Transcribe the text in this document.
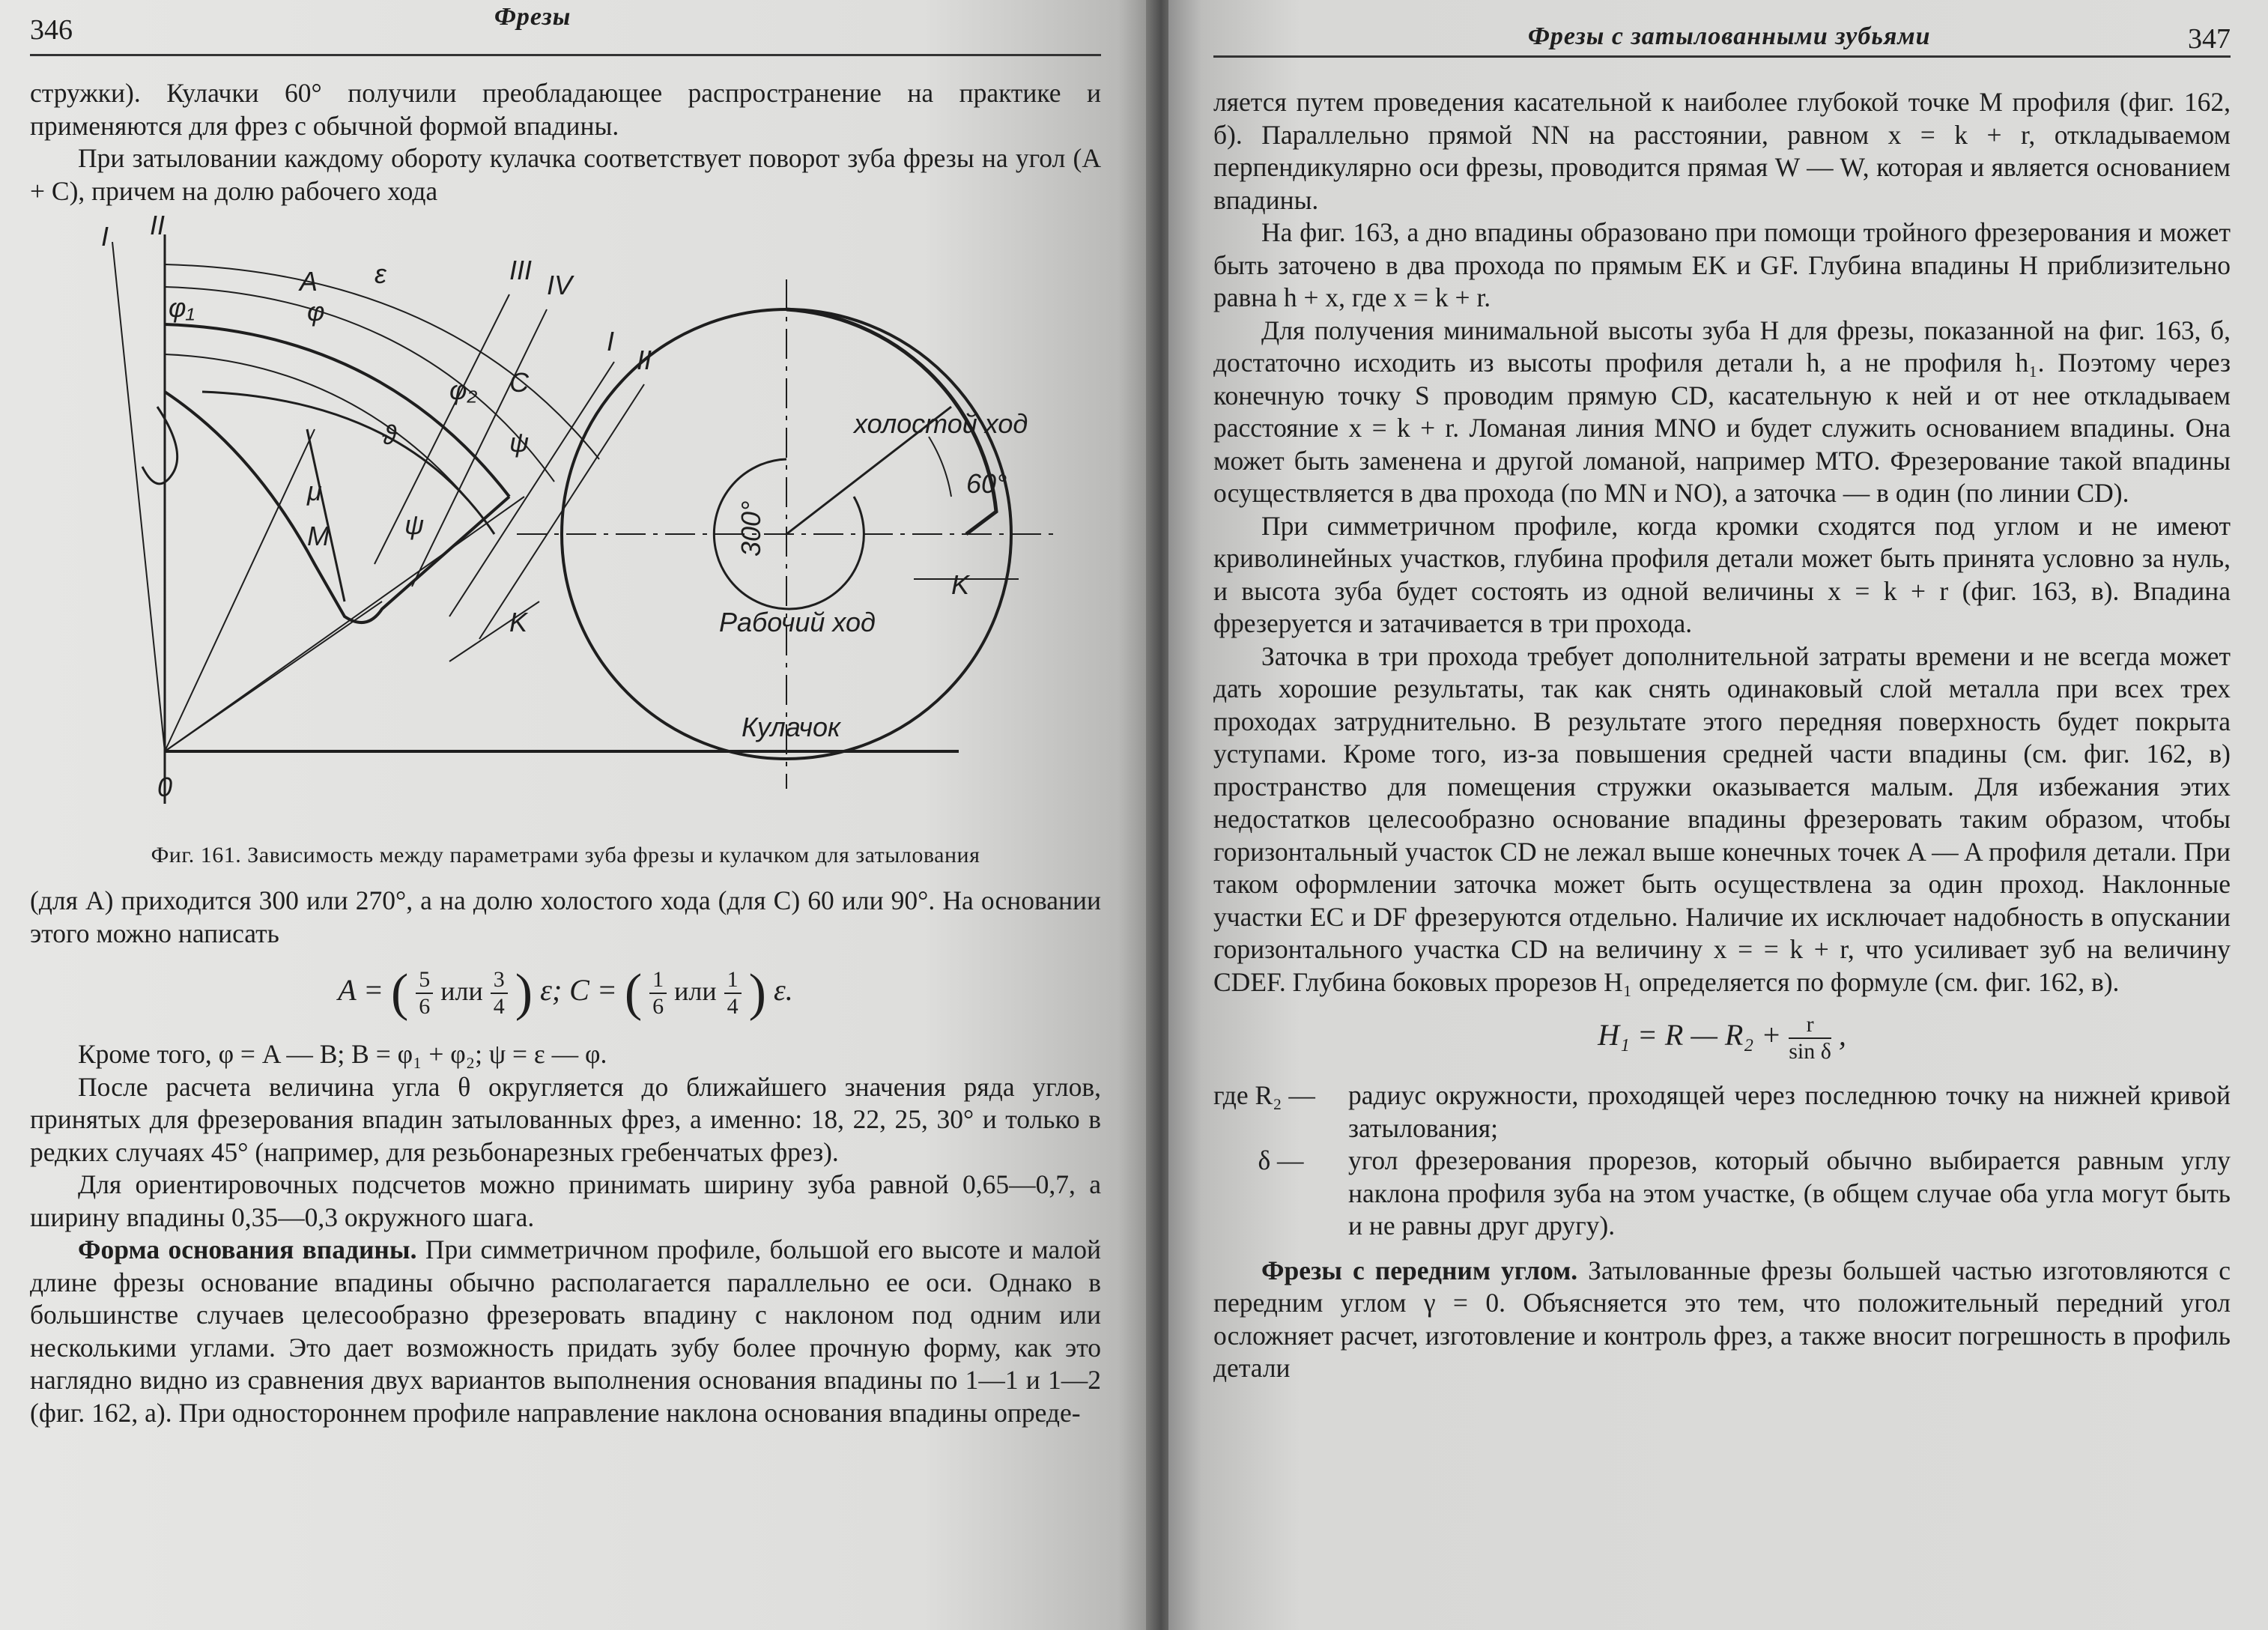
346	Фрезы

стружки). Кулачки 60° получили преобладающее распространение на практике и применяются для фрез с обычной формой впадины.

При затыловании каждому обороту кулачка соответствует поворот зуба фрезы на угол (A + C), причем на долю рабочего хода

I II
III IV
I
II
ε
A
φ
φ₁
φ₂ C
ψ
ϑ
ψ
μ
M
K
0
холостой ход
60°
300°
Рабочий ход
K
Кулачок
Фиг. 161. Зависимость между параметрами зуба фрезы и кулачком для затылования

(для A) приходится 300 или 270°, а на долю холостого хода (для C) 60 или 90°. На основании этого можно написать

A = ( $\frac{5}{6}$ или $\frac{3}{4}$ ) ε; C = ( $\frac{1}{6}$ или $\frac{1}{4}$ ) ε.

Кроме того, φ = A — B; B = φ₁ + φ₂; ψ = ε — φ.

После расчета величина угла θ округляется до ближайшего значения ряда углов, принятых для фрезерования впадин затылованных фрез, а именно: 18, 22, 25, 30° и только в редких случаях 45° (например, для резьбонарезных гребенчатых фрез).

Для ориентировочных подсчетов можно принимать ширину зуба равной 0,65—0,7, а ширину впадины 0,35—0,3 окружного шага.

Форма основания впадины. При симметричном профиле, большой его высоте и малой длине фрезы основание впадины обычно располагается параллельно ее оси. Однако в большинстве случаев целесообразно фрезеровать впадину с наклоном под одним или несколькими углами. Это дает возможность придать зубу более прочную форму, как это наглядно видно из сравнения двух вариантов выполнения основания впадины по 1—1 и 1—2 (фиг. 162, а). При одностороннем профиле направление наклона основания впадины опреде-

Фрезы с затылованными зубьями	347

ляется путем проведения касательной к наиболее глубокой точке M профиля (фиг. 162, б). Параллельно прямой NN на расстоянии, равном x = k + r, откладываемом перпендикулярно оси фрезы, проводится прямая W — W, которая и является основанием впадины.

На фиг. 163, а дно впадины образовано при помощи тройного фрезерования и может быть заточено в два прохода по прямым EK и GF. Глубина впадины H приблизительно равна h + x, где x = k + r.

Для получения минимальной высоты зуба H для фрезы, показанной на фиг. 163, б, достаточно исходить из высоты профиля детали h, а не профиля h₁. Поэтому через конечную точку S проводим прямую CD, касательную к ней и от нее откладываем расстояние x = k + r. Ломаная линия MNO и будет служить основанием впадины. Она может быть заменена и другой ломаной, например MTO. Фрезерование такой впадины осуществляется в два прохода (по MN и NO), а заточка — в один (по линии CD).

При симметричном профиле, когда кромки сходятся под углом и не имеют криволинейных участков, глубина профиля детали может быть принята условно за нуль, и высота зуба будет состоять из одной величины x = k + r (фиг. 163, в). Впадина фрезеруется и затачивается в три прохода.

Заточка в три прохода требует дополнительной затраты времени и не всегда может дать хорошие результаты, так как снять одинаковый слой металла при всех трех проходах затруднительно. В результате этого передняя поверхность будет покрыта уступами. Кроме того, из-за повышения средней части впадины (см. фиг. 162, в) пространство для помещения стружки оказывается малым. Для избежания этих недостатков целесообразно основание впадины фрезеровать таким образом, чтобы горизонтальный участок CD не лежал выше конечных точек A — A профиля детали. При таком оформлении заточка может быть осуществлена за один проход. Наклонные участки EC и DF фрезеруются отдельно. Наличие их исключает надобность в опускании горизонтального участка CD на величину x = = k + r, что усиливает зуб на величину CDEF. Глубина боковых прорезов H₁ определяется по формуле (см. фиг. 162, в).

H₁ = R — $R_2 + \frac{r}{\text{sin δ}}$ ,
где R₂ —	радиус окружности, проходящей через последнюю точку на нижней кривой затылования;
δ —	угол фрезерования прорезов, который обычно выбирается равным углу наклона профиля зуба на этом участке, (в общем случае оба угла могут быть и не равны друг другу).

Фрезы с передним углом. Затылованные фрезы большей частью изготовляются с передним углом γ = 0. Объясняется это тем, что положительный передний угол осложняет расчет, изготовление и контроль фрез, а также вносит погрешность в профиль детали
